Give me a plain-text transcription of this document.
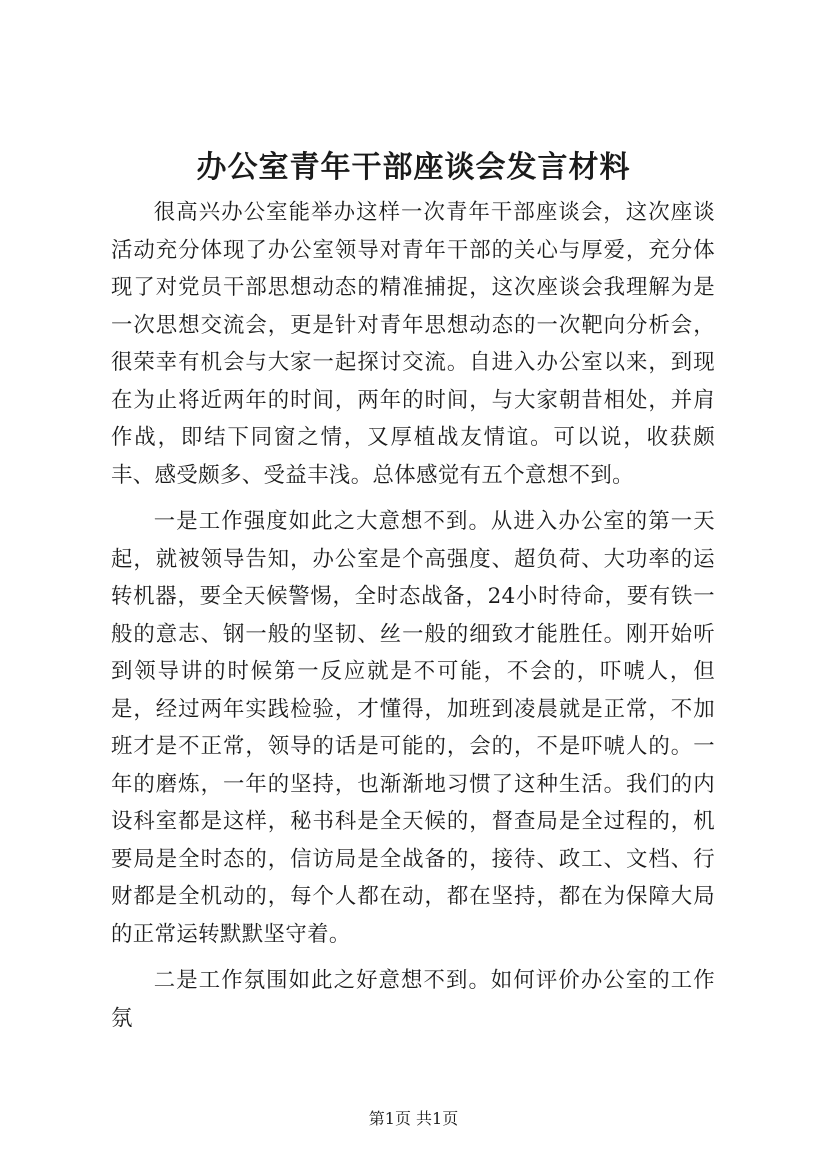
办公室青年干部座谈会发言材料

很高兴办公室能举办这样一次青年干部座谈会，这次座谈活动充分体现了办公室领导对青年干部的关心与厚爱，充分体现了对党员干部思想动态的精准捕捉，这次座谈会我理解为是一次思想交流会，更是针对青年思想动态的一次靶向分析会，很荣幸有机会与大家一起探讨交流。自进入办公室以来，到现在为止将近两年的时间，两年的时间，与大家朝昔相处，并肩作战，即结下同窗之情，又厚植战友情谊。可以说，收获颇丰、感受颇多、受益丰浅。总体感觉有五个意想不到。

一是工作强度如此之大意想不到。从进入办公室的第一天起，就被领导告知，办公室是个高强度、超负荷、大功率的运转机器，要全天候警惕，全时态战备，24小时待命，要有铁一般的意志、钢一般的坚韧、丝一般的细致才能胜任。刚开始听到领导讲的时候第一反应就是不可能，不会的，吓唬人，但是，经过两年实践检验，才懂得，加班到凌晨就是正常，不加班才是不正常，领导的话是可能的，会的，不是吓唬人的。一年的磨炼，一年的坚持，也渐渐地习惯了这种生活。我们的内设科室都是这样，秘书科是全天候的，督查局是全过程的，机要局是全时态的，信访局是全战备的，接待、政工、文档、行财都是全机动的，每个人都在动，都在坚持，都在为保障大局的正常运转默默坚守着。

二是工作氛围如此之好意想不到。如何评价办公室的工作氛

第1页 共1页
